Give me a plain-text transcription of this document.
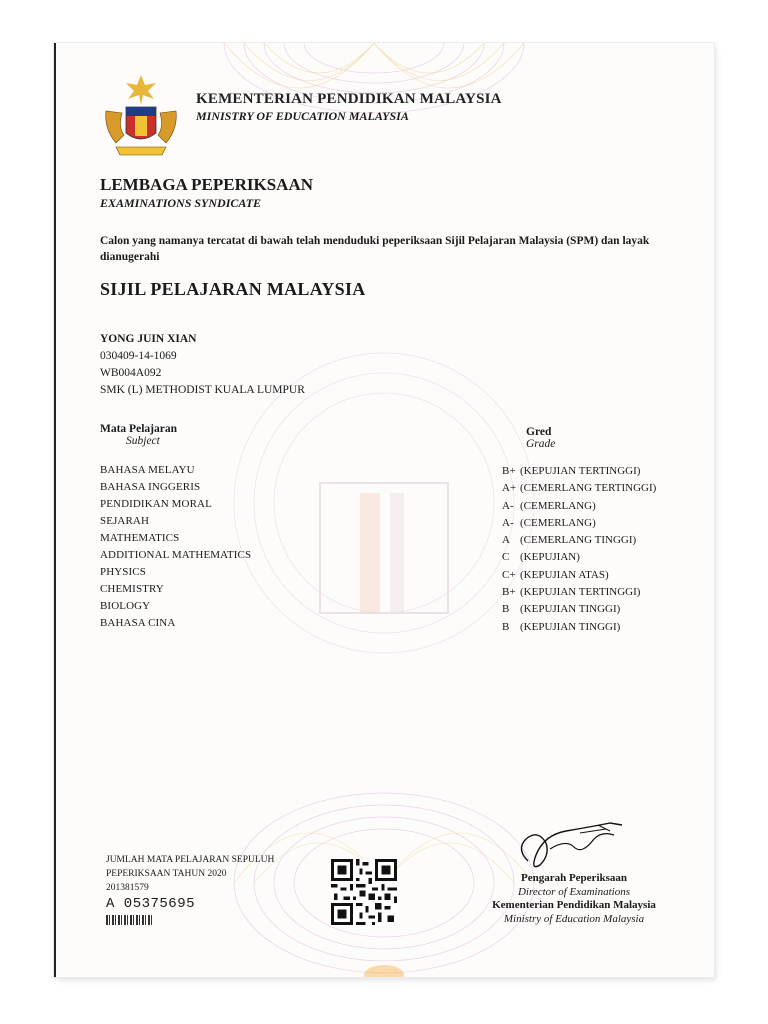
KEMENTERIAN PENDIDIKAN MALAYSIA
MINISTRY OF EDUCATION MALAYSIA
LEMBAGA PEPERIKSAAN
EXAMINATIONS SYNDICATE
Calon yang namanya tercatat di bawah telah menduduki peperiksaan Sijil Pelajaran Malaysia (SPM) dan layak dianugerahi
SIJIL PELAJARAN MALAYSIA
YONG JUIN XIAN
030409-14-1069
WB004A092
SMK (L) METHODIST KUALA LUMPUR
Mata Pelajaran
Subject
Gred
Grade
BAHASA MELAYU
BAHASA INGGERIS
PENDIDIKAN MORAL
SEJARAH
MATHEMATICS
ADDITIONAL MATHEMATICS
PHYSICS
CHEMISTRY
BIOLOGY
BAHASA CINA
B+ (KEPUJIAN TERTINGGI)
A+ (CEMERLANG TERTINGGI)
A- (CEMERLANG)
A- (CEMERLANG)
A (CEMERLANG TINGGI)
C (KEPUJIAN)
C+ (KEPUJIAN ATAS)
B+ (KEPUJIAN TERTINGGI)
B (KEPUJIAN TINGGI)
B (KEPUJIAN TINGGI)
JUMLAH MATA PELAJARAN SEPULUH
PEPERIKSAAN TAHUN 2020
201381579
A 05375695
Pengarah Peperiksaan
Director of Examinations
Kementerian Pendidikan Malaysia
Ministry of Education Malaysia
